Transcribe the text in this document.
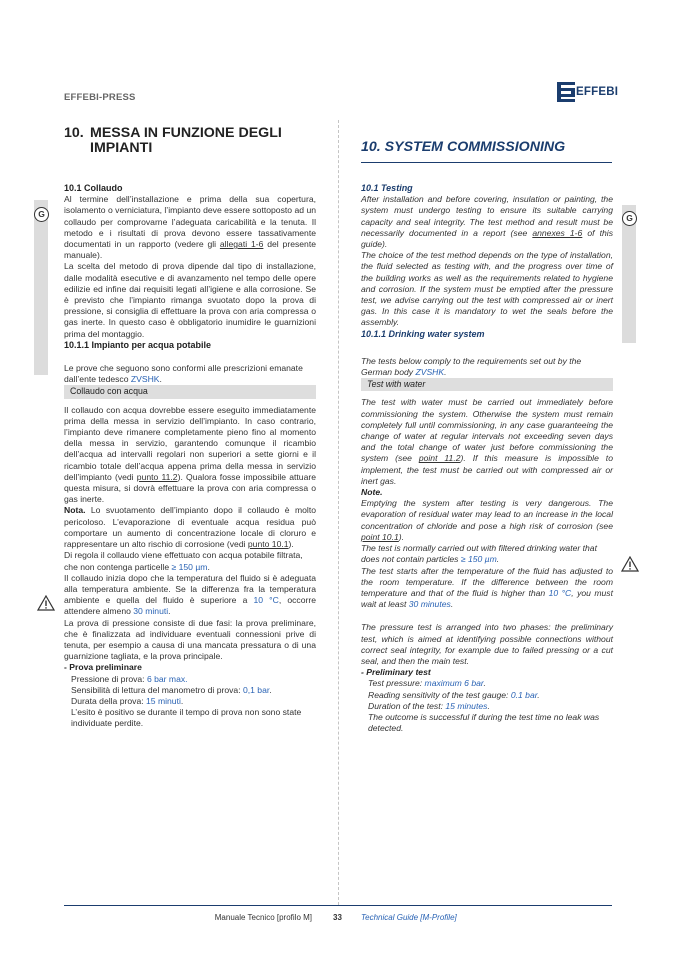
EFFEBI-PRESS	EFFEBI
10. MESSA IN FUNZIONE DEGLI IMPIANTI	10. SYSTEM COMMISSIONING
G	G

10.1 Collaudo

Al termine dell’installazione e prima della sua copertura, isolamento o verniciatura, l’impianto deve essere sottoposto ad un collaudo per comprovarne l’adeguata caricabilità e la tenuta. Il metodo e i risultati di prova devono essere tassativamente documentati in un rapporto (vedere gli allegati 1-6 del presente manuale).

La scelta del metodo di prova dipende dal tipo di installazione, dalle modalità esecutive e di avanzamento nel tempo delle opere edilizie ed infine dai requisiti legati all’igiene e alla corrosione. Se è previsto che l’impianto rimanga svuotato dopo la prova di pressione, si consiglia di effettuare la prova con aria compressa o gas inerte. In questo caso è obbligatorio inumidire le guarnizioni prima del montaggio.

10.1.1 Impianto per acqua potabile

Le prove che seguono sono conformi alle prescrizioni emanate dall’ente tedesco ZVSHK.

Collaudo con acqua

Il collaudo con acqua dovrebbe essere eseguito immediatamente prima della messa in servizio dell’impianto. In caso contrario, l’impianto deve rimanere completamente pieno fino al momento della messa in servizio, garantendo comunque il ricambio dell’acqua ad intervalli regolari non superiori a sette giorni e il ricambio totale dell’acqua appena prima della messa in servizio dell’impianto (vedi punto 11.2). Qualora fosse impossibile attuare questa misura, si dovrà effettuare la prova con aria compressa o gas inerte.

Nota. Lo svuotamento dell’impianto dopo il collaudo è molto pericoloso. L’evaporazione di eventuale acqua residua può comportare un aumento di concentrazione locale di cloruro e rappresentare un alto rischio di corrosione (vedi punto 10.1).

Di regola il collaudo viene effettuato con acqua potabile filtrata, che non contenga particelle ≥ 150 µm.

Il collaudo inizia dopo che la temperatura del fluido si è adeguata alla temperatura ambiente. Se la differenza fra la temperatura ambiente e quella del fluido è superiore a 10 °C, occorre attendere almeno 30 minuti.

La prova di pressione consiste di due fasi: la prova preliminare, che è finalizzata ad individuare eventuali connessioni prive di tenuta, per esempio a causa di una mancata pressatura o di una guarnizione tagliata, e la prova principale.

- Prova preliminare

Pressione di prova: 6 bar max.

Sensibilità di lettura del manometro di prova: 0,1 bar.

Durata della prova: 15 minuti.

L’esito è positivo se durante il tempo di prova non sono state individuate perdite.

10.1 Testing

After installation and before covering, insulation or painting, the system must undergo testing to ensure its suitable carrying capacity and seal integrity. The test method and result must be necessarily documented in a report (see annexes 1-6 of this guide).

The choice of the test method depends on the type of installation, the fluid selected as testing with, and the progress over time of the building works as well as the requirements related to hygiene and corrosion. If the system must be emptied after the pressure test, we advise carrying out the test with compressed air or inert gas. In this case it is mandatory to wet the seals before the assembly.

10.1.1 Drinking water system

The tests below comply to the requirements set out by the German body ZVSHK.

Test with water

The test with water must be carried out immediately before commissioning the system. Otherwise the system must remain completely full until commissioning, in any case guaranteeing the change of water at regular intervals not exceeding seven days and the total change of water just before commissioning the system (see point 11.2). If this measure is impossible to implement, the test must be carried out with compressed air or inert gas.

Note.

Emptying the system after testing is very dangerous. The evaporation of residual water may lead to an increase in the local concentration of chloride and pose a high risk of corrosion (see point 10.1).

The test is normally carried out with filtered drinking water that does not contain particles ≥ 150 µm.

The test starts after the temperature of the fluid has adjusted to the room temperature. If the difference between the room temperature and that of the fluid is higher than 10 °C, you must wait at least 30 minutes.

The pressure test is arranged into two phases: the preliminary test, which is aimed at identifying possible connections without correct seal integrity, for example due to failed pressing or a cut seal, and then the main test.

- Preliminary test

Test pressure: maximum 6 bar.

Reading sensitivity of the test gauge: 0.1 bar.

Duration of the test: 15 minutes.

The outcome is successful if during the test time no leak was detected.

Manuale Tecnico [profilo M]	33 Technical Guide [M-Profile]
